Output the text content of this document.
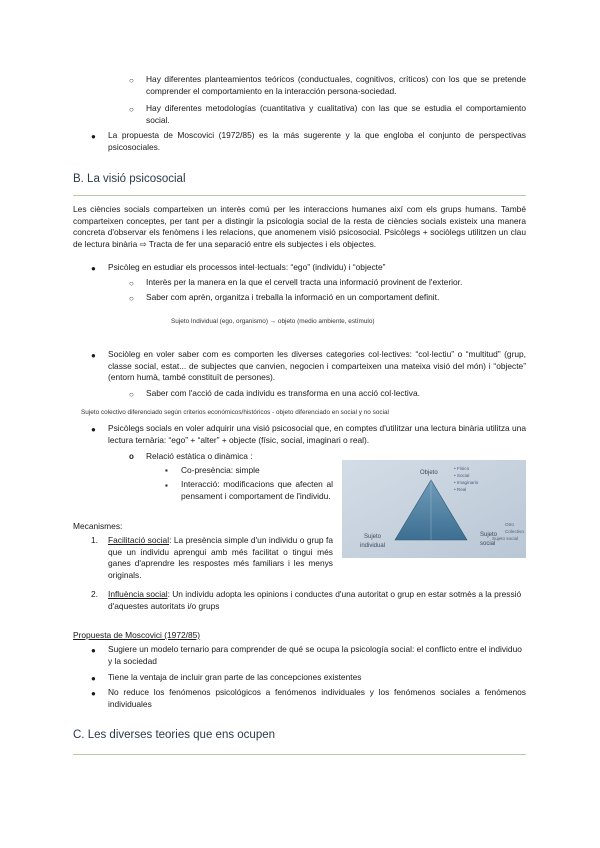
○ Hay diferentes planteamientos teóricos (conductuales, cognitivos, críticos) con los que se pretende comprender el comportamiento en la interacción persona-sociedad.
○ Hay diferentes metodologías (cuantitativa y cualitativa) con las que se estudia el comportamiento social.
● La propuesta de Moscovici (1972/85) es la más sugerente y la que engloba el conjunto de perspectivas psicosociales.
B. La visió psicosocial
Les ciències socials comparteixen un interès comú per les interaccions humanes així com els grups humans. També comparteixen conceptes, per tant per a distingir la psicologia social de la resta de ciències socials existeix una manera concreta d'observar els fenòmens i les relacions, que anomenem visió psicosocial. Psicòlegs + sociòlegs utilitzen un clau de lectura binària ⇨ Tracta de fer una separació entre els subjectes i els objectes.
● Psicòleg en estudiar els processos intel·lectuals: “ego” (individu) i “objecte”
○ Interès per la manera en la que el cervell tracta una informació provinent de l'exterior.
○ Saber com aprèn, organitza i treballa la informació en un comportament definit.
Sujeto Individual (ego, organismo) → objeto (medio ambiente, estímulo)
● Sociòleg en voler saber com es comporten les diverses categories col·lectives: “col·lectiu” o “multitud” (grup, classe social, estat... de subjectes que canvien, negocien i comparteixen una mateixa visió del món) i “objecte” (entorn humà, també constituït de persones).
○ Saber com l'acció de cada individu es transforma en una acció col·lectiva.
Sujeto colectivo diferenciado según criterios económicos/históricos - objeto diferenciado en social y no social
● Psicòlegs socials en voler adquirir una visió psicosocial que, en comptes d'utilitzar una lectura binària utilitza una lectura ternària: “ego” + “alter” + objecte (físic, social, imaginari o real).
o Relació estàtica o dinàmica :
▪ Co-presència: simple
▪ Interacció: modificacions que afecten al pensament i comportament de l'individu.
Objeto
• Físico
• Social
• Imaginario
• Real
Sujeto
individual
Sujeto
social
Otro
Colectivo
Sujeto social
Mecanismes:
1. Facilitació social: La presència simple d'un individu o grup fa que un individu aprengui amb més facilitat o tingui més ganes d'aprendre les respostes més familiars i les menys originals.
2. Influència social: Un individu adopta les opinions i conductes d'una autoritat o grup en estar sotmès a la pressió d'aquestes autoritats i/o grups
Propuesta de Moscovici (1972/85)
● Sugiere un modelo ternario para comprender de qué se ocupa la psicología social: el conflicto entre el individuo y la sociedad
● Tiene la ventaja de incluir gran parte de las concepciones existentes
● No reduce los fenómenos psicológicos a fenómenos individuales y los fenómenos sociales a fenómenos individuales
C. Les diverses teories que ens ocupen
